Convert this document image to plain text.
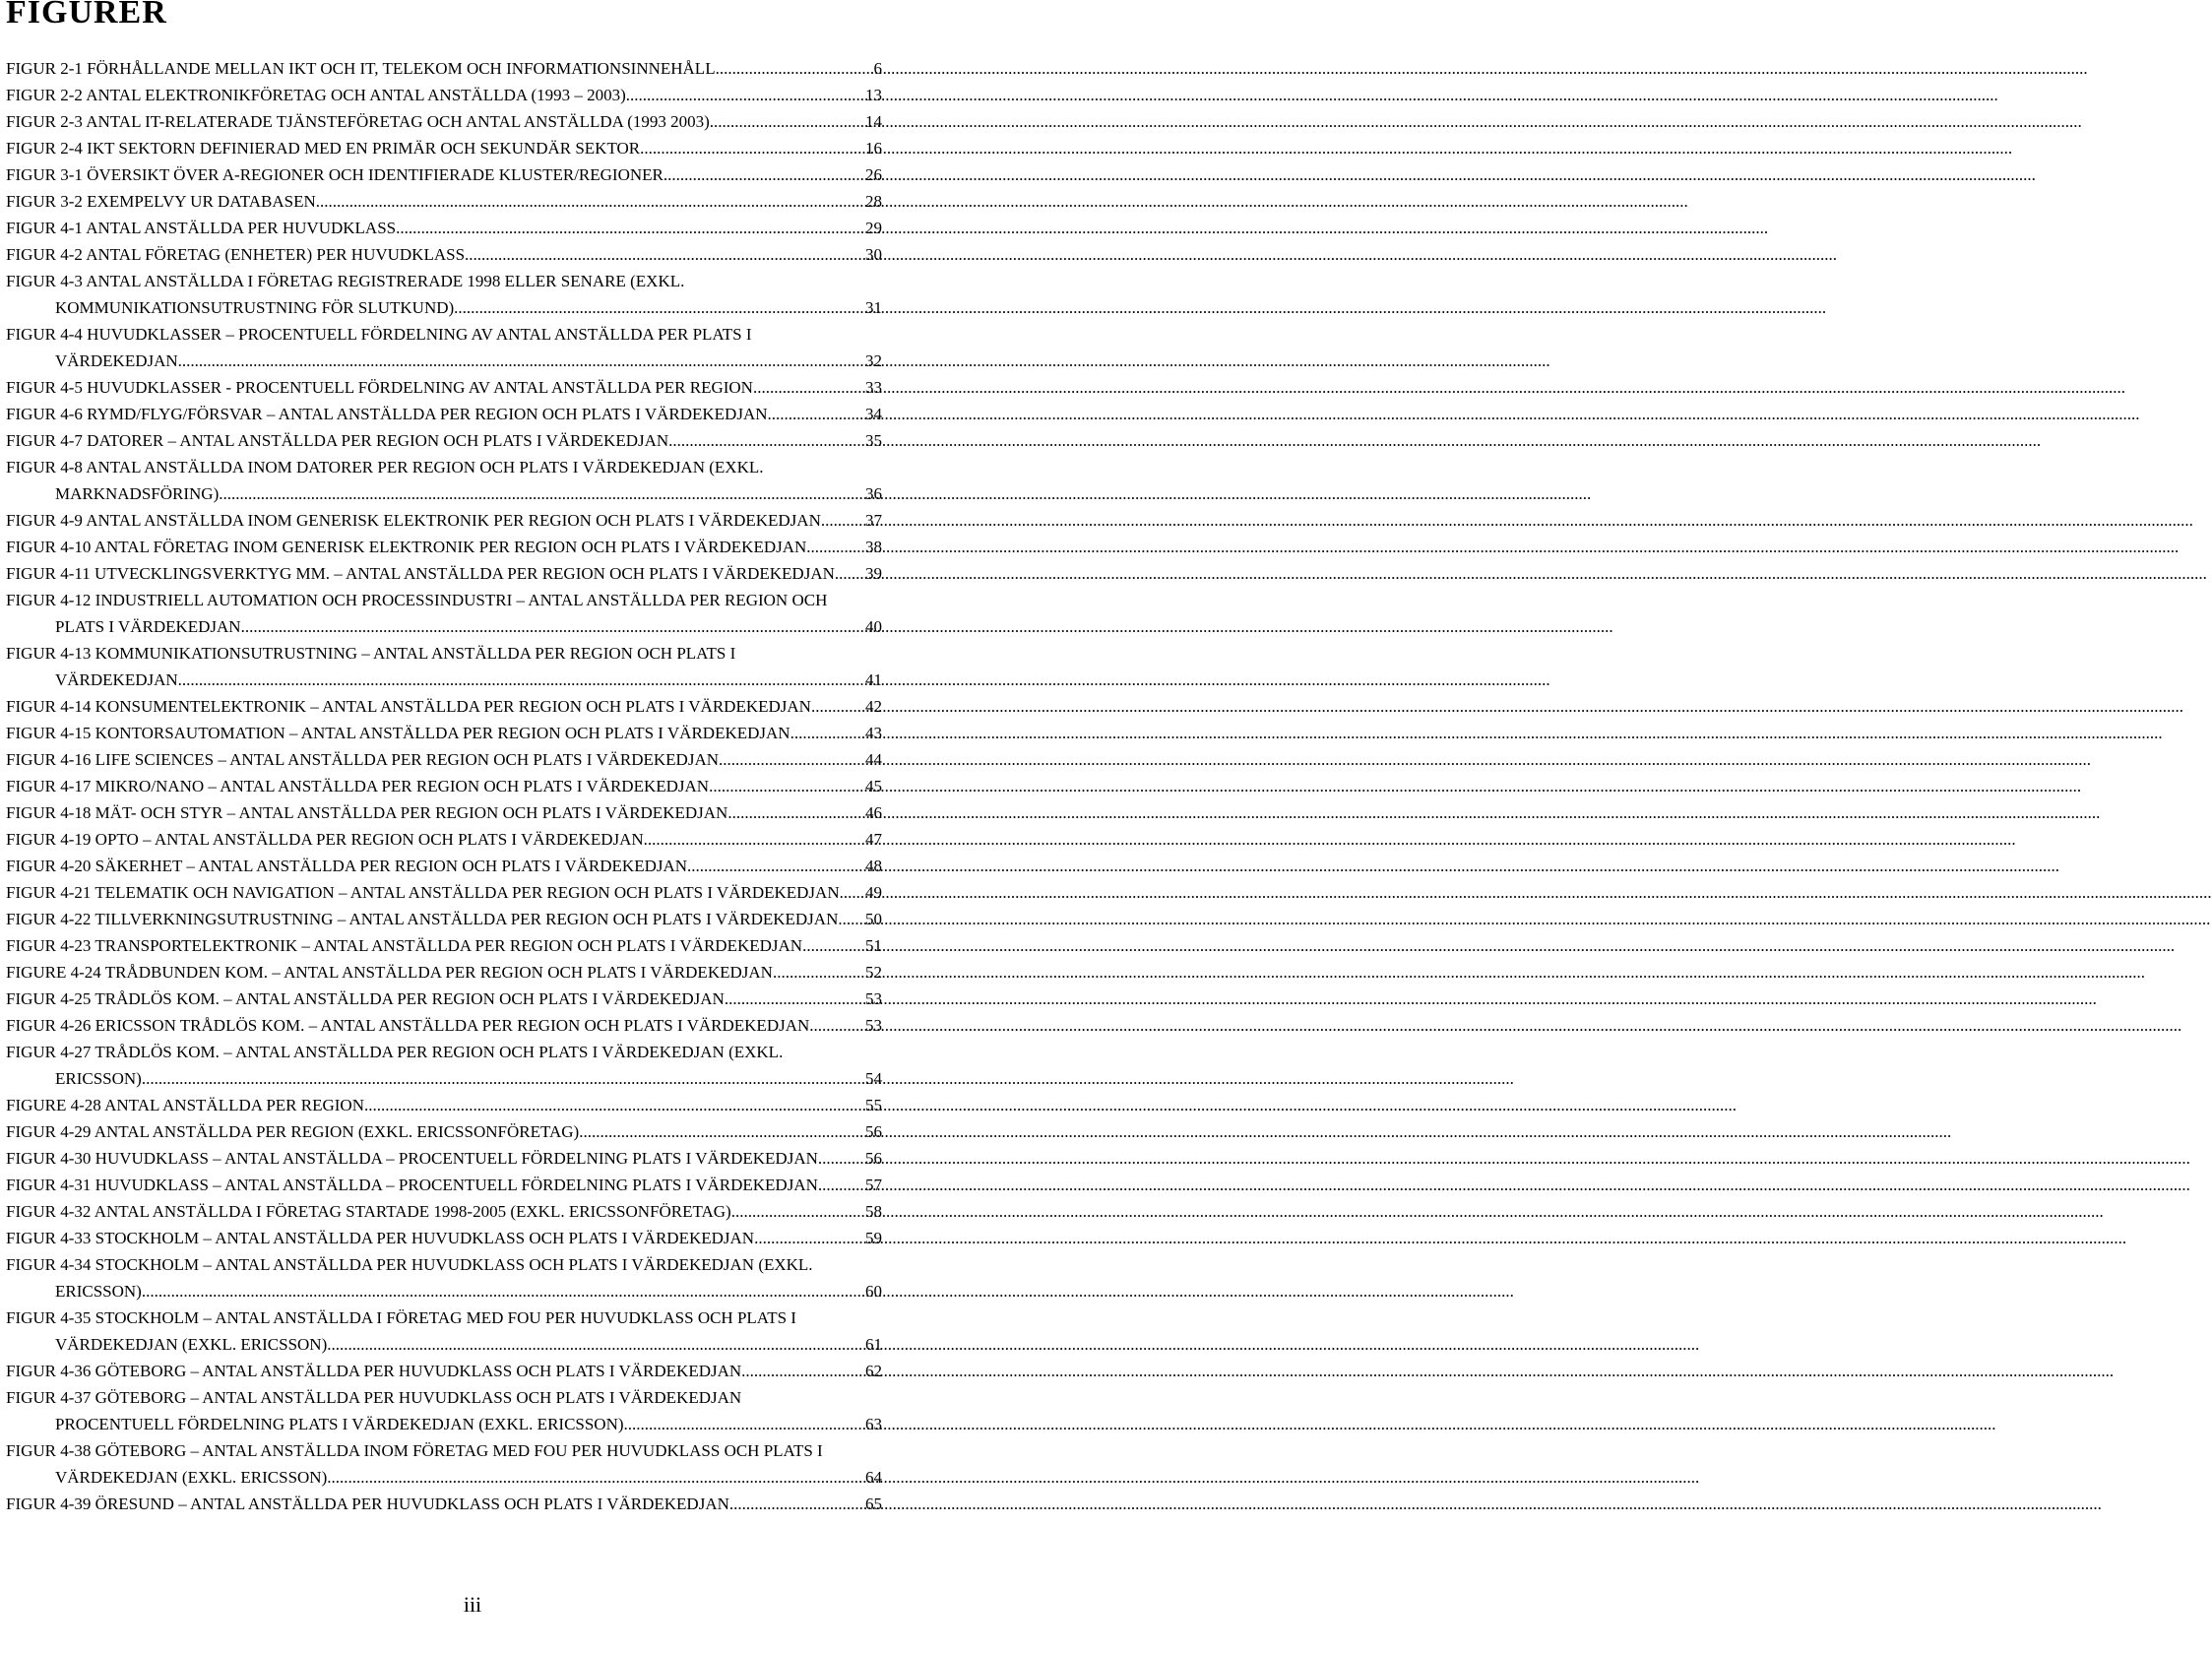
FIGURER
FIGUR 2-1 FÖRHÅLLANDE MELLAN IKT OCH IT, TELEKOM OCH INFORMATIONSINNEHÅLL .....	6
FIGUR 2-2 ANTAL ELEKTRONIKFÖRETAG OCH ANTAL ANSTÄLLDA (1993 – 2003) .....	13
FIGUR 2-3 ANTAL IT-RELATERADE TJÄNSTEFÖRETAG OCH ANTAL ANSTÄLLDA (1993 2003) .....	14
FIGUR 2-4 IKT SEKTORN DEFINIERAD MED EN PRIMÄR OCH SEKUNDÄR SEKTOR .....	16
FIGUR 3-1 ÖVERSIKT ÖVER A-REGIONER OCH IDENTIFIERADE KLUSTER/REGIONER .....	26
FIGUR 3-2 EXEMPELVY UR DATABASEN .....	28
FIGUR 4-1 ANTAL ANSTÄLLDA PER HUVUDKLASS .....	29
FIGUR 4-2 ANTAL FÖRETAG (ENHETER) PER HUVUDKLASS .....	30
FIGUR 4-3 ANTAL ANSTÄLLDA I FÖRETAG REGISTRERADE 1998 ELLER SENARE (EXKL.
KOMMUNIKATIONSUTRUSTNING FÖR SLUTKUND) .....	31
FIGUR 4-4 HUVUDKLASSER – PROCENTUELL FÖRDELNING AV ANTAL ANSTÄLLDA PER PLATS I
VÄRDEKEDJAN .....	32
FIGUR 4-5 HUVUDKLASSER - PROCENTUELL FÖRDELNING AV ANTAL ANSTÄLLDA PER REGION .....	33
FIGUR 4-6 RYMD/FLYG/FÖRSVAR – ANTAL ANSTÄLLDA PER REGION OCH PLATS I VÄRDEKEDJAN .....	34
FIGUR 4-7 DATORER – ANTAL ANSTÄLLDA PER REGION OCH PLATS I VÄRDEKEDJAN .....	35
FIGUR 4-8 ANTAL ANSTÄLLDA INOM DATORER PER REGION OCH PLATS I VÄRDEKEDJAN (EXKL.
MARKNADSFÖRING) .....	36
FIGUR 4-9 ANTAL ANSTÄLLDA INOM GENERISK ELEKTRONIK PER REGION OCH PLATS I VÄRDEKEDJAN .....	37
FIGUR 4-10 ANTAL FÖRETAG INOM GENERISK ELEKTRONIK PER REGION OCH PLATS I VÄRDEKEDJAN .....	38
FIGUR 4-11 UTVECKLINGSVERKTYG MM. – ANTAL ANSTÄLLDA PER REGION OCH PLATS I VÄRDEKEDJAN ..... 39
FIGUR 4-12 INDUSTRIELL AUTOMATION OCH PROCESSINDUSTRI – ANTAL ANSTÄLLDA PER REGION OCH
PLATS I VÄRDEKEDJAN .....	40
FIGUR 4-13 KOMMUNIKATIONSUTRUSTNING – ANTAL ANSTÄLLDA PER REGION OCH PLATS I
VÄRDEKEDJAN .....	41
FIGUR 4-14 KONSUMENTELEKTRONIK – ANTAL ANSTÄLLDA PER REGION OCH PLATS I VÄRDEKEDJAN .....	42
FIGUR 4-15 KONTORSAUTOMATION – ANTAL ANSTÄLLDA PER REGION OCH PLATS I VÄRDEKEDJAN .....	43
FIGUR 4-16 LIFE SCIENCES – ANTAL ANSTÄLLDA PER REGION OCH PLATS I VÄRDEKEDJAN .....	44
FIGUR 4-17 MIKRO/NANO – ANTAL ANSTÄLLDA PER REGION OCH PLATS I VÄRDEKEDJAN .....	45
FIGUR 4-18 MÄT- OCH STYR – ANTAL ANSTÄLLDA PER REGION OCH PLATS I VÄRDEKEDJAN .....	46
FIGUR 4-19 OPTO – ANTAL ANSTÄLLDA PER REGION OCH PLATS I VÄRDEKEDJAN .....	47
FIGUR 4-20 SÄKERHET – ANTAL ANSTÄLLDA PER REGION OCH PLATS I VÄRDEKEDJAN .....	48
FIGUR 4-21 TELEMATIK OCH NAVIGATION – ANTAL ANSTÄLLDA PER REGION OCH PLATS I VÄRDEKEDJAN ..... 49
FIGUR 4-22 TILLVERKNINGSUTRUSTNING – ANTAL ANSTÄLLDA PER REGION OCH PLATS I VÄRDEKEDJAN ..... 50
FIGUR 4-23 TRANSPORTELEKTRONIK – ANTAL ANSTÄLLDA PER REGION OCH PLATS I VÄRDEKEDJAN .....	51
FIGURE 4-24 TRÅDBUNDEN KOM. – ANTAL ANSTÄLLDA PER REGION OCH PLATS I VÄRDEKEDJAN .....	52
FIGUR 4-25 TRÅDLÖS KOM. – ANTAL ANSTÄLLDA PER REGION OCH PLATS I VÄRDEKEDJAN .....	53
FIGUR 4-26 ERICSSON TRÅDLÖS KOM. – ANTAL ANSTÄLLDA PER REGION OCH PLATS I VÄRDEKEDJAN .....	53
FIGUR 4-27 TRÅDLÖS KOM. – ANTAL ANSTÄLLDA PER REGION OCH PLATS I VÄRDEKEDJAN (EXKL.
ERICSSON) .....	54
FIGURE 4-28 ANTAL ANSTÄLLDA PER REGION .....	55
FIGUR 4-29 ANTAL ANSTÄLLDA PER REGION (EXKL. ERICSSONFÖRETAG) .....	56
FIGUR 4-30 HUVUDKLASS – ANTAL ANSTÄLLDA – PROCENTUELL FÖRDELNING PLATS I VÄRDEKEDJAN .....	56
FIGUR 4-31 HUVUDKLASS – ANTAL ANSTÄLLDA – PROCENTUELL FÖRDELNING PLATS I VÄRDEKEDJAN .....	57
FIGUR 4-32 ANTAL ANSTÄLLDA I FÖRETAG STARTADE 1998-2005 (EXKL. ERICSSONFÖRETAG) .....	58
FIGUR 4-33 STOCKHOLM – ANTAL ANSTÄLLDA PER HUVUDKLASS OCH PLATS I VÄRDEKEDJAN .....	59
FIGUR 4-34 STOCKHOLM – ANTAL ANSTÄLLDA PER HUVUDKLASS OCH PLATS I VÄRDEKEDJAN (EXKL.
ERICSSON) .....	60
FIGUR 4-35 STOCKHOLM – ANTAL ANSTÄLLDA I FÖRETAG MED FOU PER HUVUDKLASS OCH PLATS I
VÄRDEKEDJAN (EXKL. ERICSSON) .....	61
FIGUR 4-36 GÖTEBORG – ANTAL ANSTÄLLDA PER HUVUDKLASS OCH PLATS I VÄRDEKEDJAN .....	62
FIGUR 4-37 GÖTEBORG – ANTAL ANSTÄLLDA PER HUVUDKLASS OCH PLATS I VÄRDEKEDJAN
PROCENTUELL FÖRDELNING PLATS I VÄRDEKEDJAN (EXKL. ERICSSON) .....	63
FIGUR 4-38 GÖTEBORG – ANTAL ANSTÄLLDA INOM FÖRETAG MED FOU PER HUVUDKLASS OCH PLATS I
VÄRDEKEDJAN (EXKL. ERICSSON) .....	64
FIGUR 4-39 ÖRESUND – ANTAL ANSTÄLLDA PER HUVUDKLASS OCH PLATS I VÄRDEKEDJAN .....	65
iii
